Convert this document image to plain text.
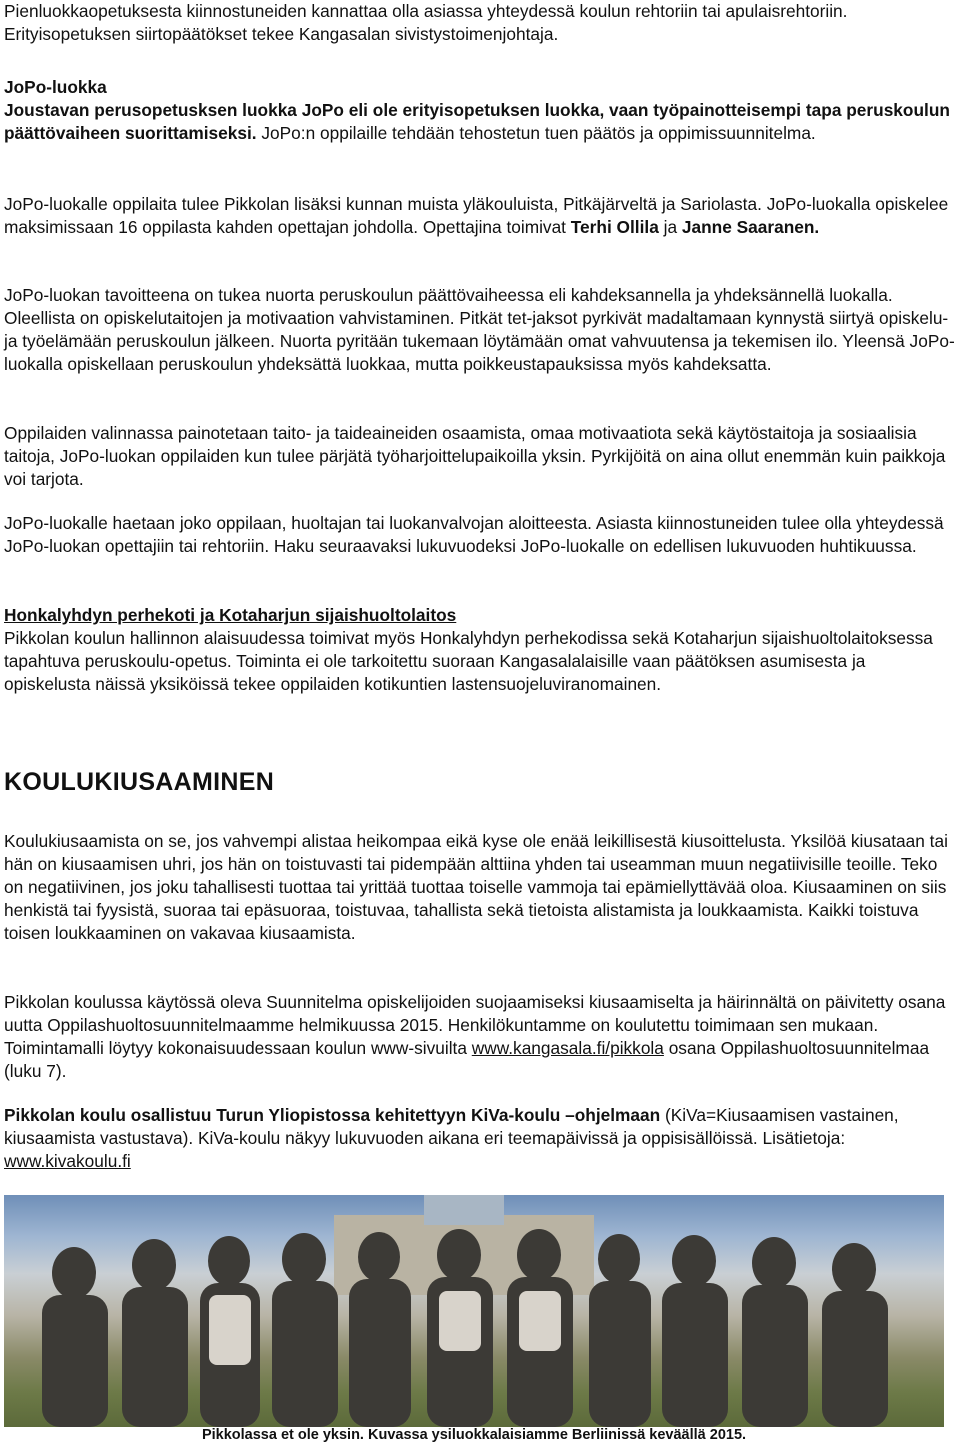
Pienluokkaopetuksesta kiinnostuneiden kannattaa olla asiassa yhteydessä koulun rehtoriin tai apulaisrehtoriin. Erityisopetuksen siirtopäätökset tekee Kangasalan sivistystoimenjohtaja.

JoPo-luokka

Joustavan perusopetusksen luokka JoPo eli ole erityisopetuksen luokka, vaan työpainotteisempi tapa peruskoulun päättövaiheen suorittamiseksi. JoPo:n oppilaille tehdään tehostetun tuen päätös ja oppimissuunnitelma.

JoPo-luokalle oppilaita tulee Pikkolan lisäksi kunnan muista yläkouluista, Pitkäjärveltä ja Sariolasta. JoPo-luokalla opiskelee maksimissaan 16 oppilasta kahden opettajan johdolla. Opettajina toimivat Terhi Ollila ja Janne Saaranen.

JoPo-luokan tavoitteena on tukea nuorta peruskoulun päättövaiheessa eli kahdeksannella ja yhdeksännellä luokalla. Oleellista on opiskelutaitojen ja motivaation vahvistaminen. Pitkät tet-jaksot pyrkivät madaltamaan kynnystä siirtyä opiskelu- ja työelämään peruskoulun jälkeen. Nuorta pyritään tukemaan löytämään omat vahvuutensa ja tekemisen ilo. Yleensä JoPo-luokalla opiskellaan peruskoulun yhdeksättä luokkaa, mutta poikkeustapauksissa myös kahdeksatta.

Oppilaiden valinnassa painotetaan taito- ja taideaineiden osaamista, omaa motivaatiota sekä käytöstaitoja ja sosiaalisia taitoja, JoPo-luokan oppilaiden kun tulee pärjätä työharjoittelupaikoilla yksin. Pyrkijöitä on aina ollut enemmän kuin paikkoja voi tarjota.

JoPo-luokalle haetaan joko oppilaan, huoltajan tai luokanvalvojan aloitteesta. Asiasta kiinnostuneiden tulee olla yhteydessä JoPo-luokan opettajiin tai rehtoriin. Haku seuraavaksi lukuvuodeksi JoPo-luokalle on edellisen lukuvuoden huhtikuussa.

Honkalyhdyn perhekoti ja Kotaharjun sijaishuoltolaitos

Pikkolan koulun hallinnon alaisuudessa toimivat myös Honkalyhdyn perhekodissa sekä Kotaharjun sijaishuoltolaitoksessa tapahtuva peruskoulu-opetus. Toiminta ei ole tarkoitettu suoraan Kangasalalaisille vaan päätöksen asumisesta ja opiskelusta näissä yksiköissä tekee oppilaiden kotikuntien lastensuojeluviranomainen.

KOULUKIUSAAMINEN

Koulukiusaamista on se, jos vahvempi alistaa heikompaa eikä kyse ole enää leikillisestä kiusoittelusta. Yksilöä kiusataan tai hän on kiusaamisen uhri, jos hän on toistuvasti tai pidempään alttiina yhden tai useamman muun negatiivisille teoille. Teko on negatiivinen, jos joku tahallisesti tuottaa tai yrittää tuottaa toiselle vammoja tai epämiellyttävää oloa. Kiusaaminen on siis henkistä tai fyysistä, suoraa tai epäsuoraa, toistuvaa, tahallista sekä tietoista alistamista ja loukkaamista. Kaikki toistuva toisen loukkaaminen on vakavaa kiusaamista.

Pikkolan koulussa käytössä oleva Suunnitelma opiskelijoiden suojaamiseksi kiusaamiselta ja häirinnältä on päivitetty osana uutta Oppilashuoltosuunnitelmaamme helmikuussa 2015. Henkilökuntamme on koulutettu toimimaan sen mukaan. Toimintamalli löytyy kokonaisuudessaan koulun www-sivuilta www.kangasala.fi/pikkola osana Oppilashuoltosuunnitelmaa (luku 7).

Pikkolan koulu osallistuu Turun Yliopistossa kehitettyyn KiVa-koulu –ohjelmaan (KiVa=Kiusaamisen vastainen, kiusaamista vastustava). KiVa-koulu näkyy lukuvuoden aikana eri teemapäivissä ja oppisisällöissä. Lisätietoja: www.kivakoulu.fi

Pikkolassa et ole yksin. Kuvassa ysiluokkalaisiamme Berliinissä keväällä 2015.
